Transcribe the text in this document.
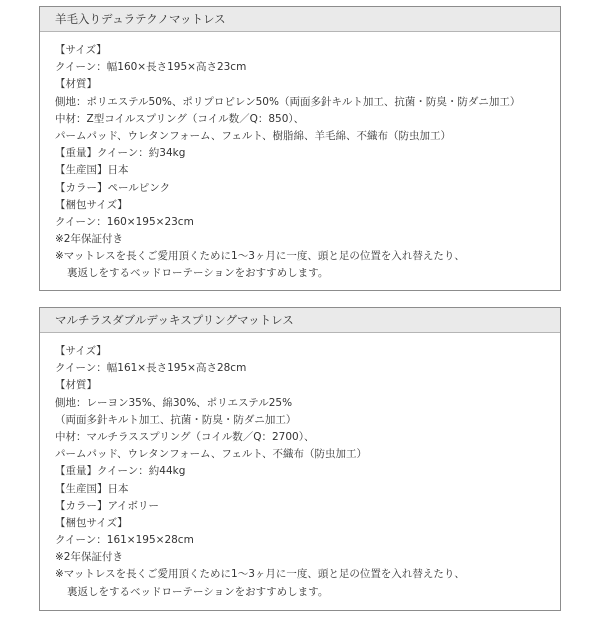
羊毛入りデュラテクノマットレス
【サイズ】
クイーン：幅160×長さ195×高さ23cm
【材質】
側地：ポリエステル50%、ポリプロピレン50%（両面多針キルト加工、抗菌・防臭・防ダニ加工）
中材：Z型コイルスプリング（コイル数／Q：850）、
パームパッド、ウレタンフォーム、フェルト、樹脂綿、羊毛綿、不織布（防虫加工）
【重量】クイーン：約34kg
【生産国】日本
【カラー】ペールピンク
【梱包サイズ】
クイーン：160×195×23cm
※2年保証付き
※マットレスを長くご愛用頂くために1～3ヶ月に一度、頭と足の位置を入れ替えたり、
裏返しをするベッドローテーションをおすすめします。
マルチラスダブルデッキスプリングマットレス
【サイズ】
クイーン：幅161×長さ195×高さ28cm
【材質】
側地：レーヨン35%、綿30%、ポリエステル25%
（両面多針キルト加工、抗菌・防臭・防ダニ加工）
中材：マルチラススプリング（コイル数／Q：2700）、
パームパッド、ウレタンフォーム、フェルト、不織布（防虫加工）
【重量】クイーン：約44kg
【生産国】日本
【カラー】アイボリー
【梱包サイズ】
クイーン：161×195×28cm
※2年保証付き
※マットレスを長くご愛用頂くために1～3ヶ月に一度、頭と足の位置を入れ替えたり、
裏返しをするベッドローテーションをおすすめします。
